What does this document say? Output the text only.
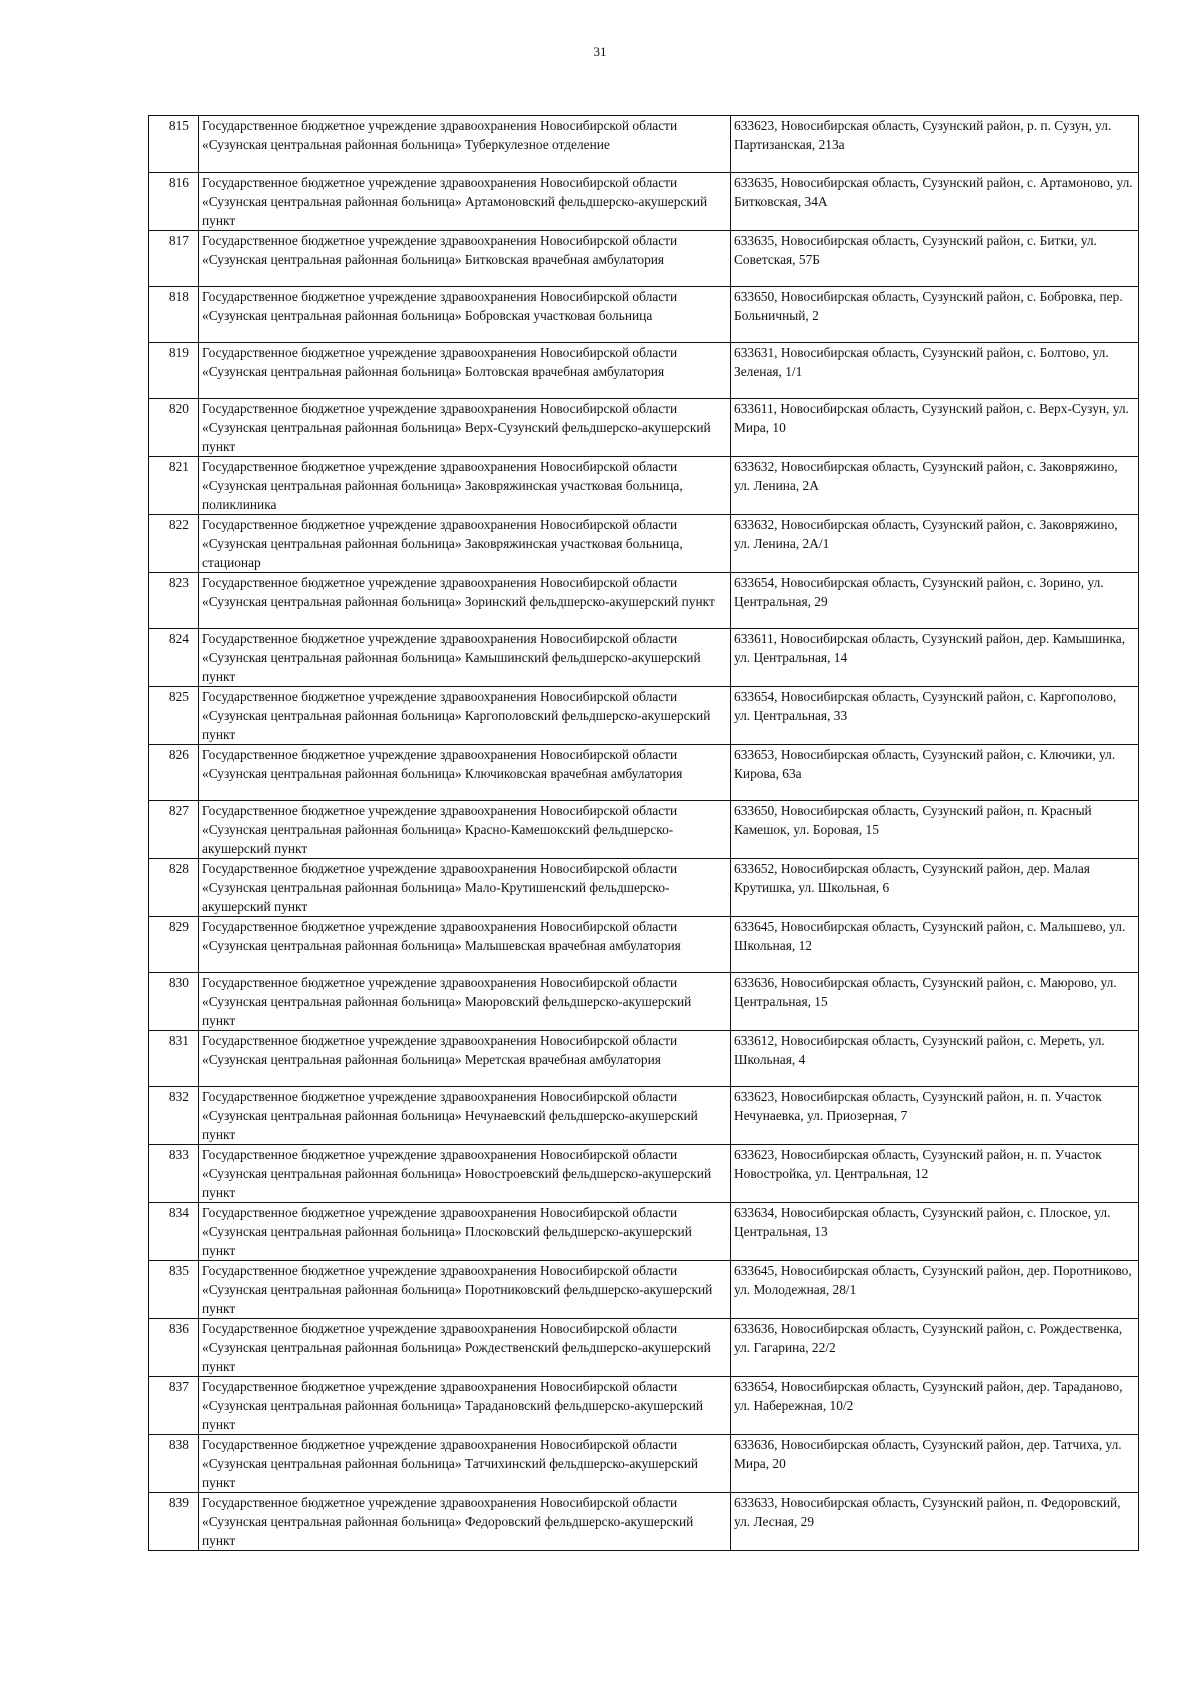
31
815	Государственное бюджетное учреждение здравоохранения Новосибирской области «Сузунская центральная районная больница» Туберкулезное отделение	633623, Новосибирская область, Сузунский район, р. п. Сузун, ул. Партизанская, 213а
816	Государственное бюджетное учреждение здравоохранения Новосибирской области «Сузунская центральная районная больница» Артамоновский фельдшерско-акушерский пункт	633635, Новосибирская область, Сузунский район, с. Артамоново, ул. Битковская, 34А
817	Государственное бюджетное учреждение здравоохранения Новосибирской области «Сузунская центральная районная больница» Битковская врачебная амбулатория	633635, Новосибирская область, Сузунский район, с. Битки, ул. Советская, 57Б
818	Государственное бюджетное учреждение здравоохранения Новосибирской области «Сузунская центральная районная больница» Бобровская участковая больница	633650, Новосибирская область, Сузунский район, с. Бобровка, пер. Больничный, 2
819	Государственное бюджетное учреждение здравоохранения Новосибирской области «Сузунская центральная районная больница» Болтовская врачебная амбулатория	633631, Новосибирская область, Сузунский район, с. Болтово, ул. Зеленая, 1/1
820	Государственное бюджетное учреждение здравоохранения Новосибирской области «Сузунская центральная районная больница» Верх-Сузунский фельдшерско-акушерский пункт	633611, Новосибирская область, Сузунский район, с. Верх-Сузун, ул. Мира, 10
821	Государственное бюджетное учреждение здравоохранения Новосибирской области «Сузунская центральная районная больница» Заковряжинская участковая больница, поликлиника	633632, Новосибирская область, Сузунский район, с. Заковряжино, ул. Ленина, 2А
822	Государственное бюджетное учреждение здравоохранения Новосибирской области «Сузунская центральная районная больница» Заковряжинская участковая больница, стационар	633632, Новосибирская область, Сузунский район, с. Заковряжино, ул. Ленина, 2А/1
823	Государственное бюджетное учреждение здравоохранения Новосибирской области «Сузунская центральная районная больница» Зоринский фельдшерско-акушерский пункт	633654, Новосибирская область, Сузунский район, с. Зорино, ул. Центральная, 29
824	Государственное бюджетное учреждение здравоохранения Новосибирской области «Сузунская центральная районная больница» Камышинский фельдшерско-акушерский пункт	633611, Новосибирская область, Сузунский район, дер. Камышинка, ул. Центральная, 14
825	Государственное бюджетное учреждение здравоохранения Новосибирской области «Сузунская центральная районная больница» Каргополовский фельдшерско-акушерский пункт	633654, Новосибирская область, Сузунский район, с. Каргополово, ул. Центральная, 33
826	Государственное бюджетное учреждение здравоохранения Новосибирской области «Сузунская центральная районная больница» Ключиковская врачебная амбулатория	633653, Новосибирская область, Сузунский район, с. Ключики, ул. Кирова, 63а
827	Государственное бюджетное учреждение здравоохранения Новосибирской области «Сузунская центральная районная больница» Красно-Камешокский фельдшерско-акушерский пункт	633650, Новосибирская область, Сузунский район, п. Красный Камешок, ул. Боровая, 15
828	Государственное бюджетное учреждение здравоохранения Новосибирской области «Сузунская центральная районная больница» Мало-Крутишенский фельдшерско-акушерский пункт	633652, Новосибирская область, Сузунский район, дер. Малая Крутишка, ул. Школьная, 6
829	Государственное бюджетное учреждение здравоохранения Новосибирской области «Сузунская центральная районная больница» Малышевская врачебная амбулатория	633645, Новосибирская область, Сузунский район, с. Малышево, ул. Школьная, 12
830	Государственное бюджетное учреждение здравоохранения Новосибирской области «Сузунская центральная районная больница» Маюровский фельдшерско-акушерский пункт	633636, Новосибирская область, Сузунский район, с. Маюрово, ул. Центральная, 15
831	Государственное бюджетное учреждение здравоохранения Новосибирской области «Сузунская центральная районная больница» Меретская врачебная амбулатория	633612, Новосибирская область, Сузунский район, с. Мереть, ул. Школьная, 4
832	Государственное бюджетное учреждение здравоохранения Новосибирской области «Сузунская центральная районная больница» Нечунаевский фельдшерско-акушерский пункт	633623, Новосибирская область, Сузунский район, н. п. Участок Нечунаевка, ул. Приозерная, 7
833	Государственное бюджетное учреждение здравоохранения Новосибирской области «Сузунская центральная районная больница» Новостроевский фельдшерско-акушерский пункт	633623, Новосибирская область, Сузунский район, н. п. Участок Новостройка, ул. Центральная, 12
834	Государственное бюджетное учреждение здравоохранения Новосибирской области «Сузунская центральная районная больница» Плосковский фельдшерско-акушерский пункт	633634, Новосибирская область, Сузунский район, с. Плоское, ул. Центральная, 13
835	Государственное бюджетное учреждение здравоохранения Новосибирской области «Сузунская центральная районная больница» Поротниковский фельдшерско-акушерский пункт	633645, Новосибирская область, Сузунский район, дер. Поротниково, ул. Молодежная, 28/1
836	Государственное бюджетное учреждение здравоохранения Новосибирской области «Сузунская центральная районная больница» Рождественский фельдшерско-акушерский пункт	633636, Новосибирская область, Сузунский район, с. Рождественка, ул. Гагарина, 22/2
837	Государственное бюджетное учреждение здравоохранения Новосибирской области «Сузунская центральная районная больница» Тарадановский фельдшерско-акушерский пункт	633654, Новосибирская область, Сузунский район, дер. Тараданово, ул. Набережная, 10/2
838	Государственное бюджетное учреждение здравоохранения Новосибирской области «Сузунская центральная районная больница» Татчихинский фельдшерско-акушерский пункт	633636, Новосибирская область, Сузунский район, дер. Татчиха, ул. Мира, 20
839	Государственное бюджетное учреждение здравоохранения Новосибирской области «Сузунская центральная районная больница» Федоровский фельдшерско-акушерский пункт	633633, Новосибирская область, Сузунский район, п. Федоровский, ул. Лесная, 29
